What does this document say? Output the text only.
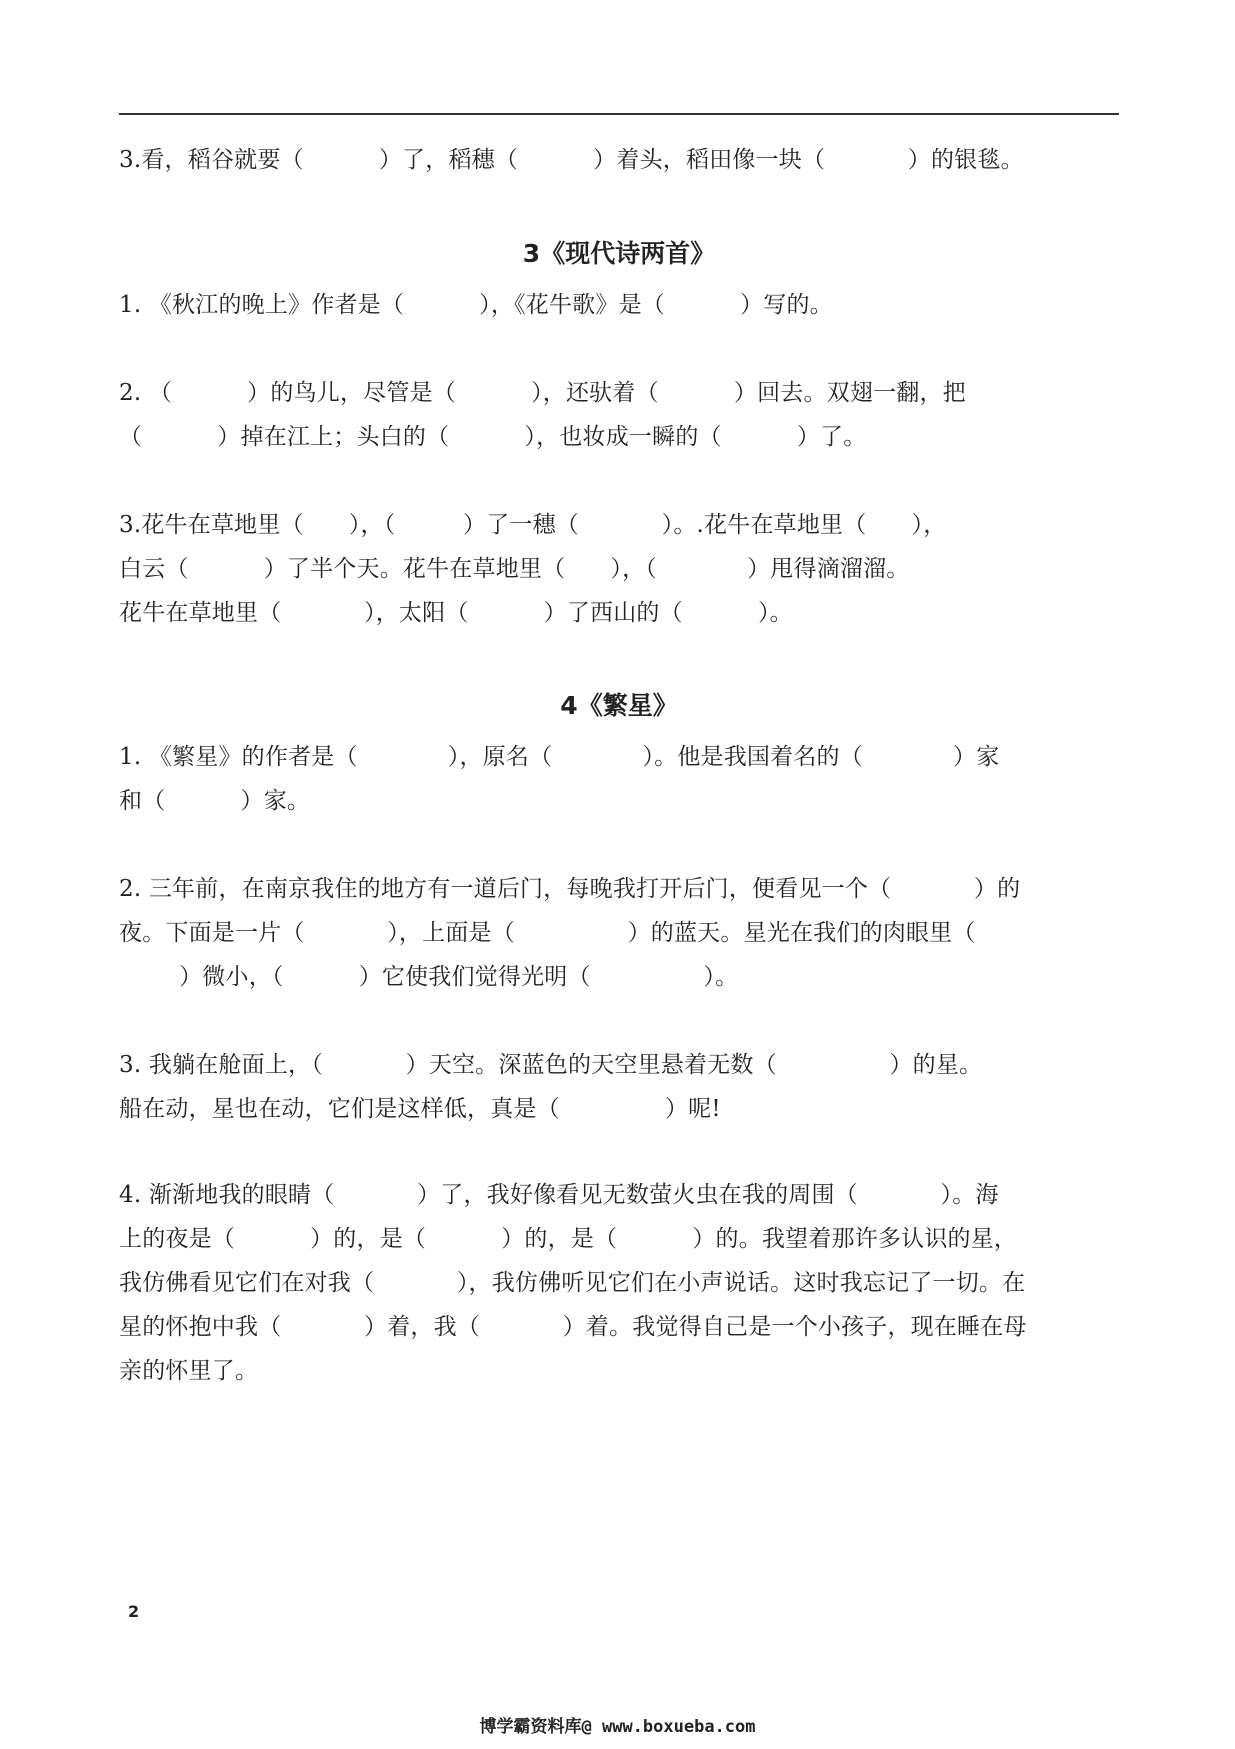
3.看，稻谷就要（          ）了，稻穗（          ）着头，稻田像一块（           ）的银毯。
3《现代诗两首》
1. 《秋江的晚上》作者是（          ），《花牛歌》是（          ）写的。
2. （          ）的鸟儿，尽管是（          ），还驮着（          ）回去。双翅一翻，把
（          ）掉在江上；头白的（          ），也妆成一瞬的（          ）了。
3.花牛在草地里（      ），（         ）了一穗（           ）。.花牛在草地里（      ），
白云（          ）了半个天。花牛在草地里（      ），（            ）甩得滴溜溜。
花牛在草地里（           ），太阳（          ）了西山的（          ）。
4《繁星》
1. 《繁星》的作者是（            ），原名（            ）。他是我国着名的（            ）家
和（          ）家。
2. 三年前，在南京我住的地方有一道后门，每晚我打开后门，便看见一个（           ）的
夜。下面是一片（           ），上面是（               ）的蓝天。星光在我们的肉眼里（
）微小，（          ）它使我们觉得光明（               ）。
3. 我躺在舱面上，（           ）天空。深蓝色的天空里悬着无数（               ）的星。
船在动，星也在动，它们是这样低，真是（              ）呢!
4. 渐渐地我的眼睛（           ）了，我好像看见无数萤火虫在我的周围（           ）。海
上的夜是（          ）的，是（          ）的，是（          ）的。我望着那许多认识的星，
我仿佛看见它们在对我（           ），我仿佛听见它们在小声说话。这时我忘记了一切。在
星的怀抱中我（           ）着，我（           ）着。我觉得自己是一个小孩子，现在睡在母
亲的怀里了。
2
博学霸资料库@ www.boxueba.com
